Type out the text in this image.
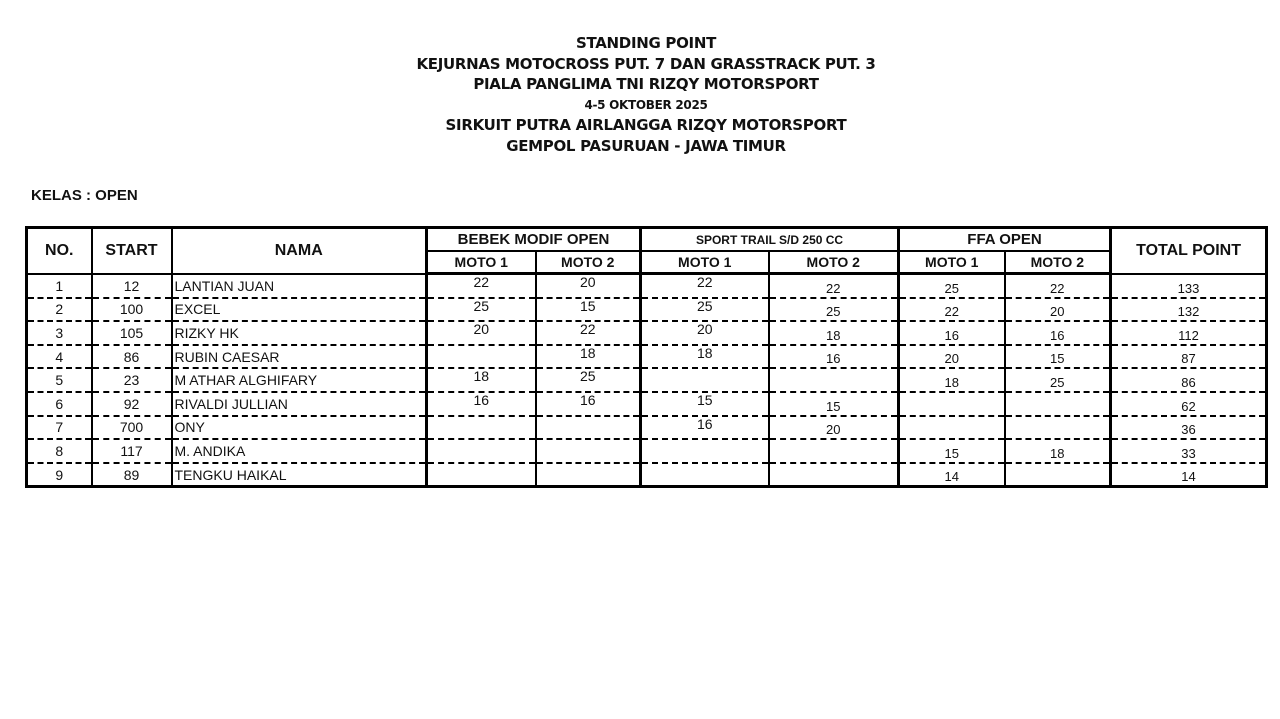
STANDING POINT
KEJURNAS MOTOCROSS PUT. 7 DAN GRASSTRACK PUT. 3
PIALA PANGLIMA TNI RIZQY MOTORSPORT
4-5 OKTOBER 2025
SIRKUIT PUTRA AIRLANGGA RIZQY MOTORSPORT
GEMPOL PASURUAN - JAWA TIMUR
KELAS : OPEN
NO.	START	NAMA	BEBEK MODIF OPEN		SPORT TRAIL S/D 250 CC		FFA OPEN		TOTAL POINT
			MOTO 1	MOTO 2	MOTO 1	MOTO 2	MOTO 1	MOTO 2	
1	12	LANTIAN JUAN	22	20	22	22	25	22	133
2	100	EXCEL	25	15	25	25	22	20	132
3	105	RIZKY HK	20	22	20	18	16	16	112
4	86	RUBIN CAESAR		18	18	16	20	15	87
5	23	M ATHAR ALGHIFARY	18	25			18	25	86
6	92	RIVALDI JULLIAN	16	16	15	15			62
7	700	ONY			16	20			36
8	117	M. ANDIKA					15	18	33
9	89	TENGKU HAIKAL					14		14
